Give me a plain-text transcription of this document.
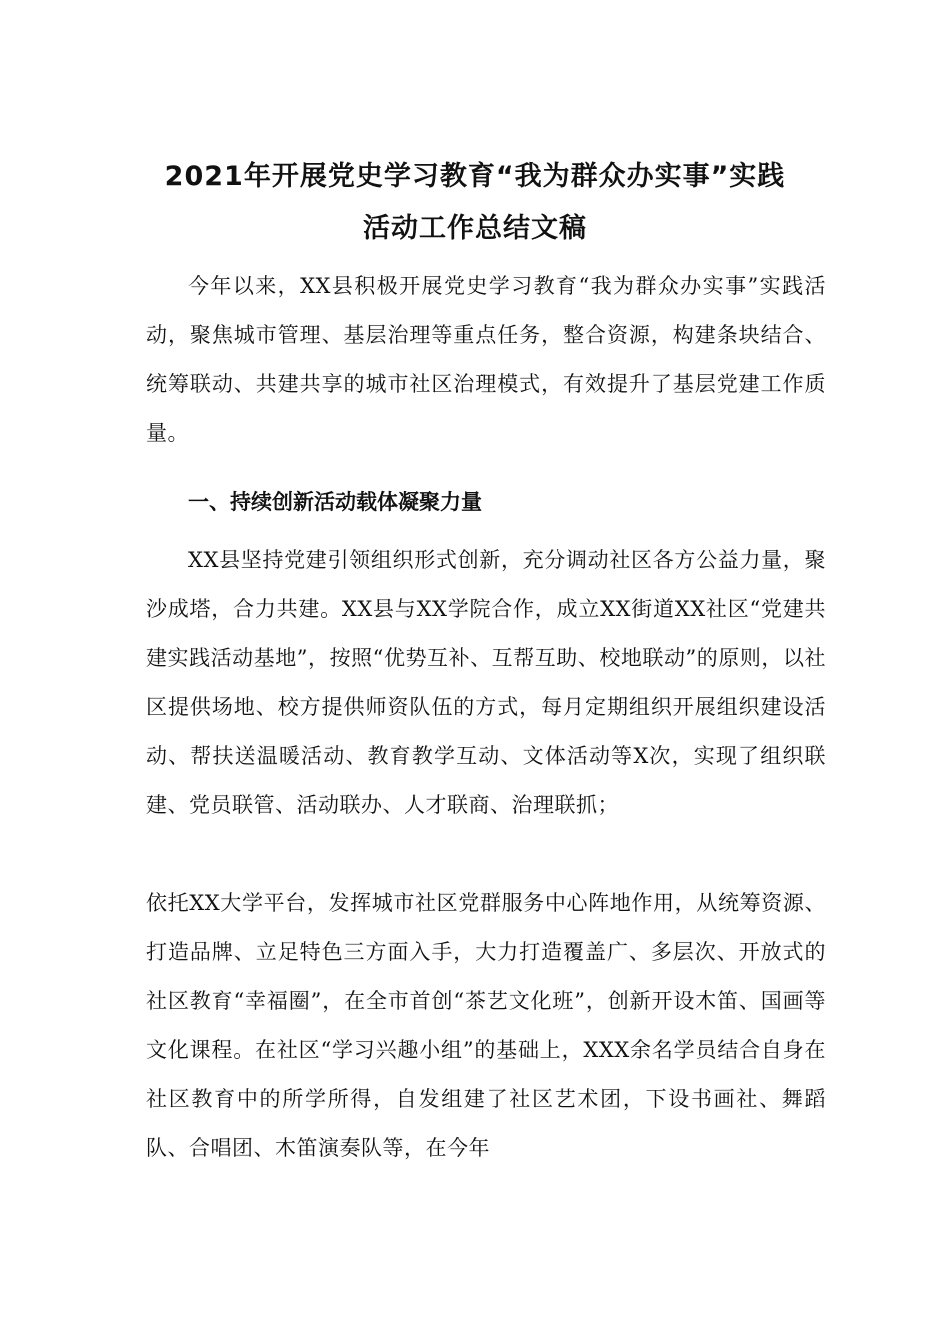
2021年开展党史学习教育“我为群众办实事”实践
活动工作总结文稿

今年以来，XX县积极开展党史学习教育“我为群众办实事”实践活动，聚焦城市管理、基层治理等重点任务，整合资源，构建条块结合、统筹联动、共建共享的城市社区治理模式，有效提升了基层党建工作质量。

一、持续创新活动载体凝聚力量

XX县坚持党建引领组织形式创新，充分调动社区各方公益力量，聚沙成塔，合力共建。XX县与XX学院合作，成立XX街道XX社区“党建共建实践活动基地”，按照“优势互补、互帮互助、校地联动”的原则，以社区提供场地、校方提供师资队伍的方式，每月定期组织开展组织建设活动、帮扶送温暖活动、教育教学互动、文体活动等X次，实现了组织联建、党员联管、活动联办、人才联商、治理联抓；

依托XX大学平台，发挥城市社区党群服务中心阵地作用，从统筹资源、打造品牌、立足特色三方面入手，大力打造覆盖广、多层次、开放式的社区教育“幸福圈”，在全市首创“茶艺文化班”，创新开设木笛、国画等文化课程。在社区“学习兴趣小组”的基础上，XXX余名学员结合自身在社区教育中的所学所得，自发组建了社区艺术团，下设书画社、舞蹈队、合唱团、木笛演奏队等，在今年
